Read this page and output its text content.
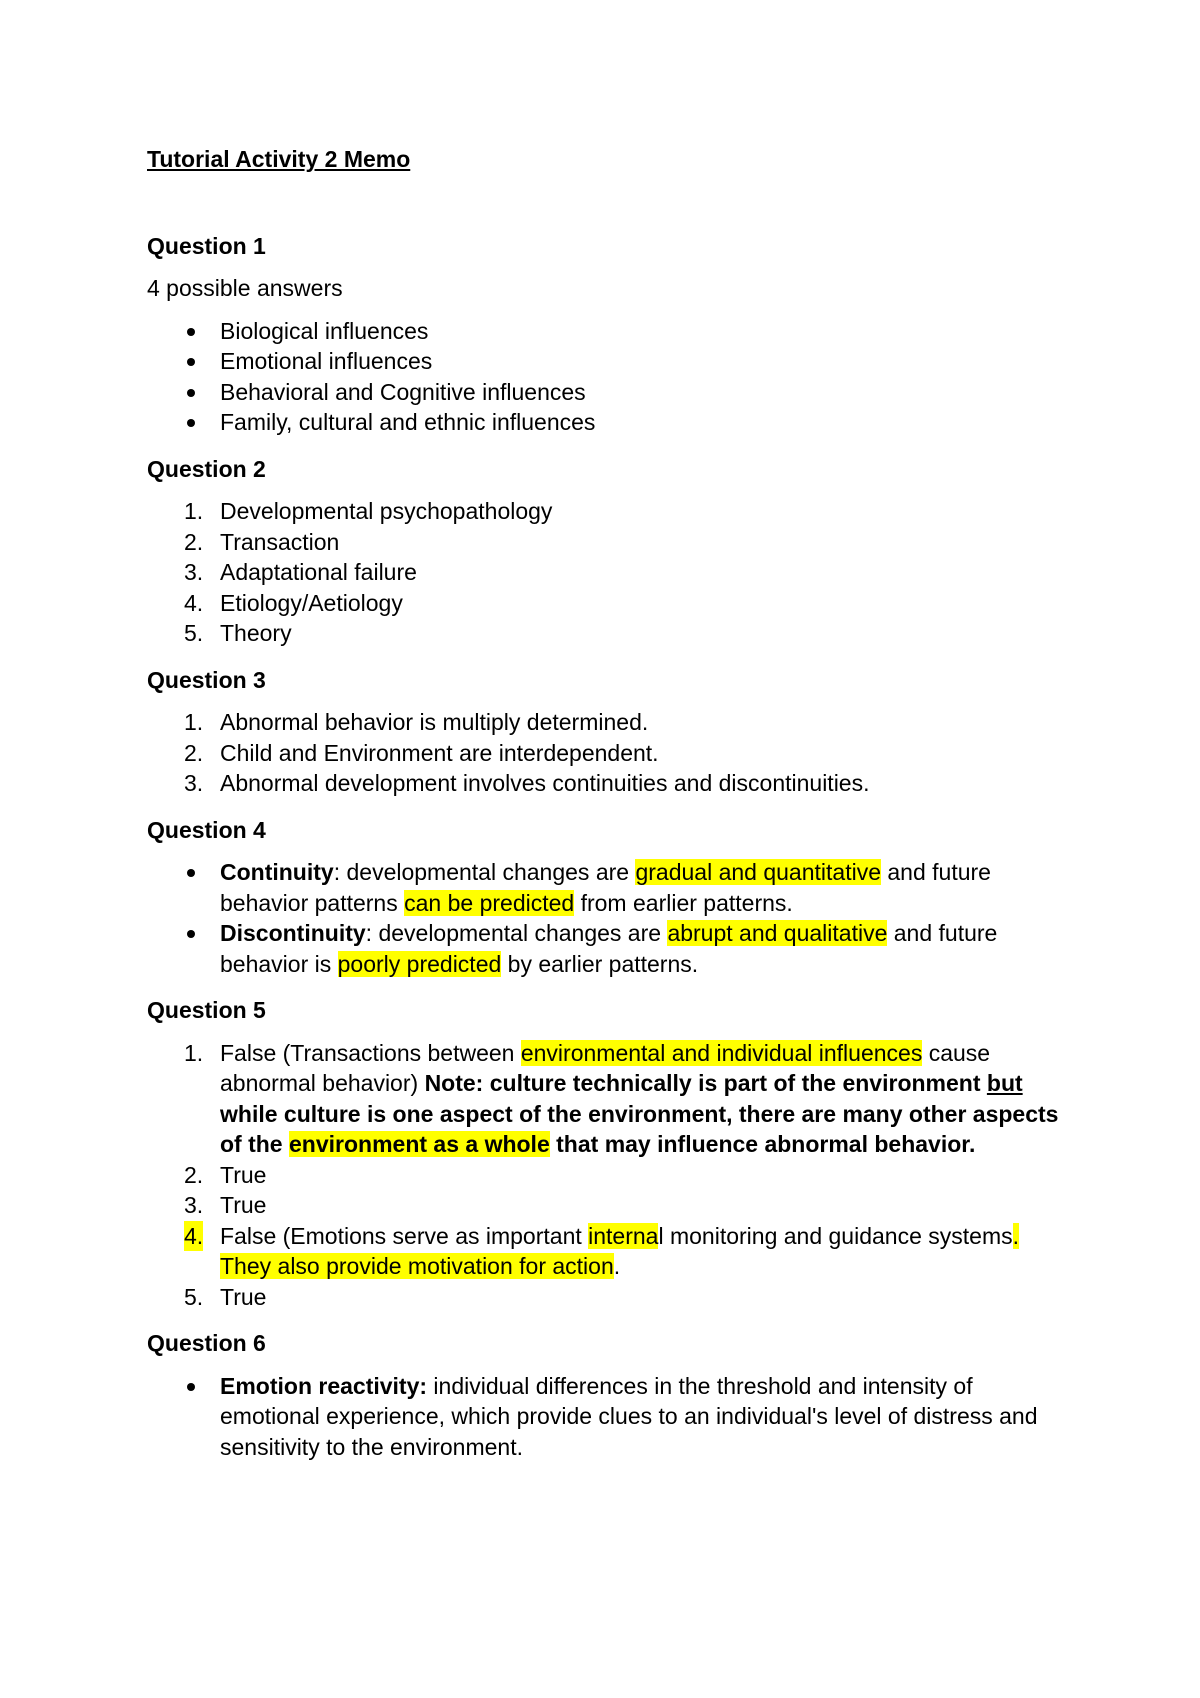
Tutorial Activity 2 Memo

Question 1

4 possible answers

Biological influences
Emotional influences
Behavioral and Cognitive influences
Family, cultural and ethnic influences

Question 2

1. Developmental psychopathology
2. Transaction
3. Adaptational failure
4. Etiology/Aetiology
5. Theory

Question 3

1. Abnormal behavior is multiply determined.
2. Child and Environment are interdependent.
3. Abnormal development involves continuities and discontinuities.

Question 4

Continuity: developmental changes are gradual and quantitative and future behavior patterns can be predicted from earlier patterns.
Discontinuity: developmental changes are abrupt and qualitative and future behavior is poorly predicted by earlier patterns.

Question 5

1. False (Transactions between environmental and individual influences cause abnormal behavior) Note: culture technically is part of the environment but while culture is one aspect of the environment, there are many other aspects of the environment as a whole that may influence abnormal behavior.
2. True
3. True
4. False (Emotions serve as important internal monitoring and guidance systems. They also provide motivation for action.
5. True

Question 6

Emotion reactivity: individual differences in the threshold and intensity of emotional experience, which provide clues to an individual's level of distress and sensitivity to the environment.
